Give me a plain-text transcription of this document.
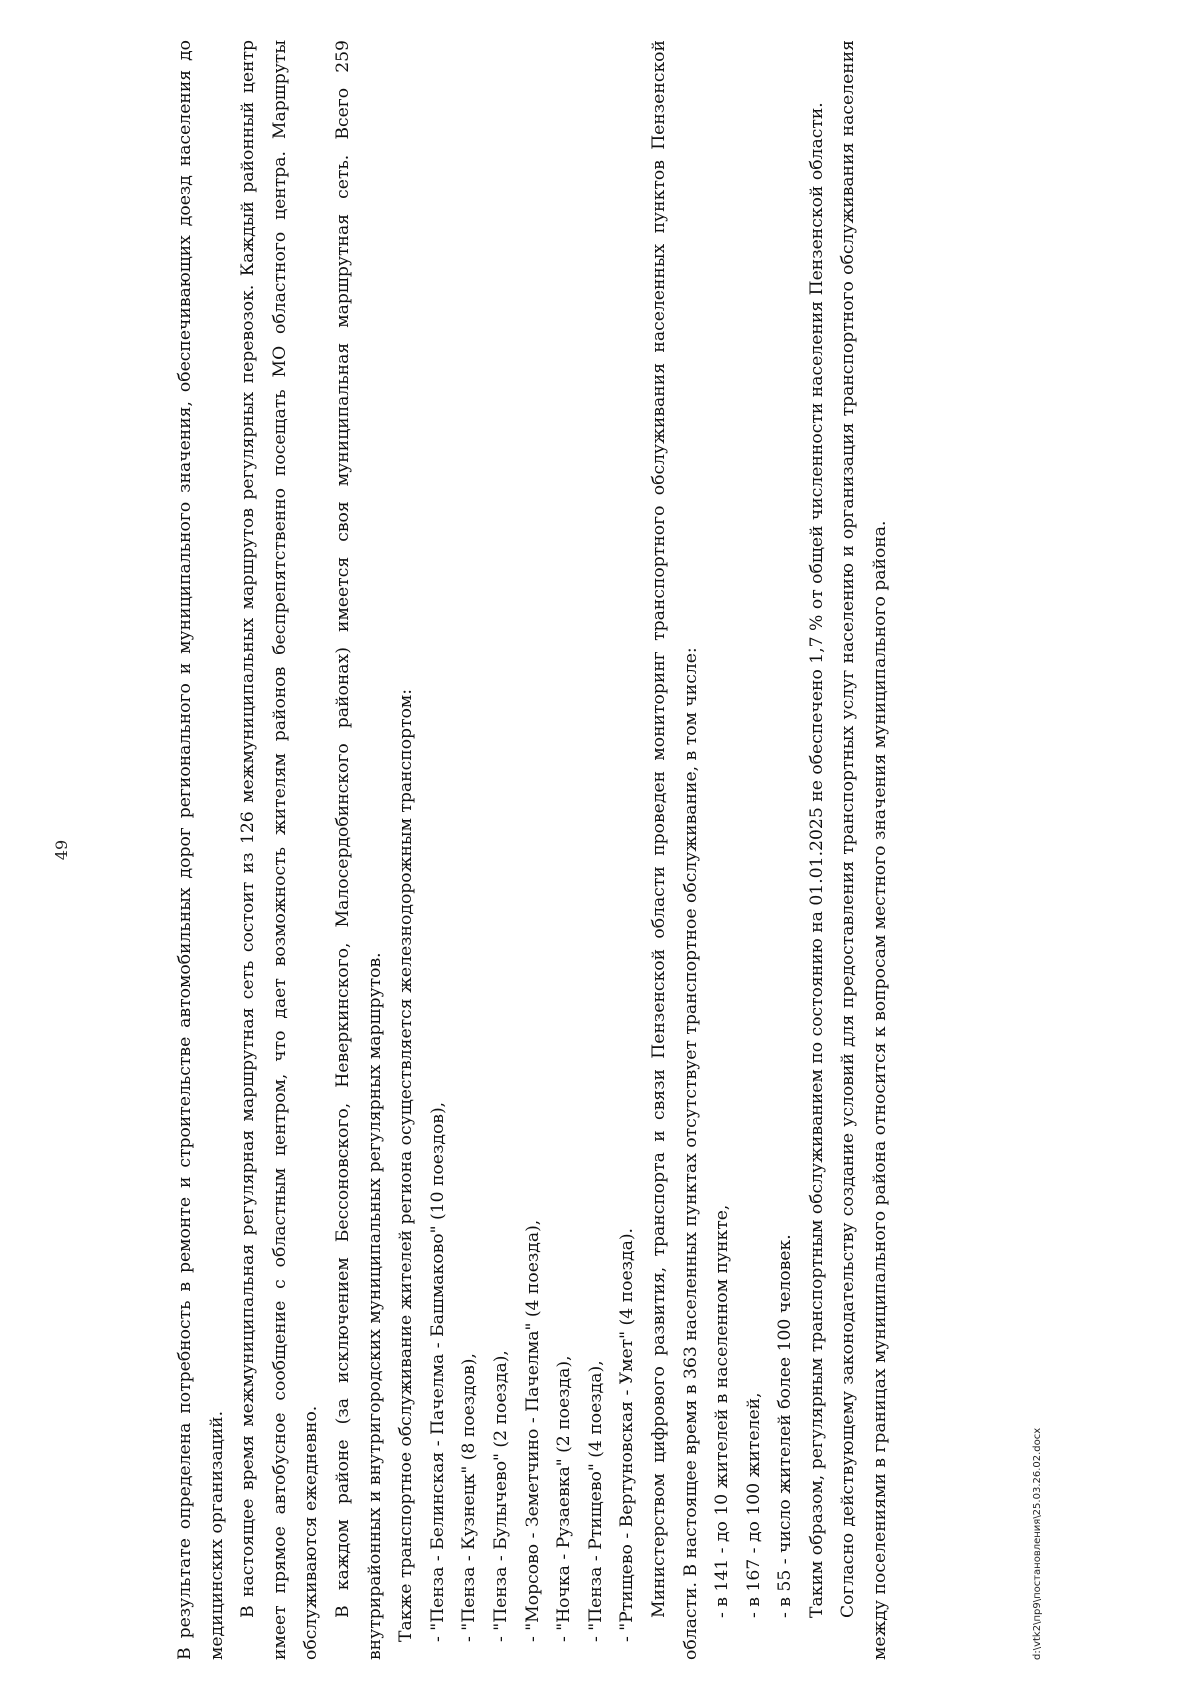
49	В результате определена потребность в ремонте и строительстве автомобильных дорог регионального и муниципального значения, обеспечивающих доезд населения до медицинских организаций. В настоящее время межмуниципальная регулярная маршрутная сеть состоит из 126 межмуниципальных маршрутов регулярных перевозок. Каждый районный центр имеет прямое автобусное сообщение с областным центром, что дает возможность жителям районов беспрепятственно посещать МО областного центра. Маршруты обслуживаются ежедневно. В каждом районе (за исключением Бессоновского, Неверкинского, Малосердобинского районах) имеется своя муниципальная маршрутная сеть. Всего 259 внутрирайонных и внутригородских муниципальных регулярных маршрутов. Также транспортное обслуживание жителей региона осуществляется железнодорожным транспортом: - "Пенза - Белинская - Пачелма - Башмаково" (10 поездов), - "Пенза - Кузнецк" (8 поездов), - "Пенза - Булычево" (2 поезда), - "Морсово - Земетчино - Пачелма" (4 поезда), - "Ночка - Рузаевка" (2 поезда), - "Пенза - Ртищево" (4 поезда), - "Ртищево - Вертуновская - Умет" (4 поезда). Министерством цифрового развития, транспорта и связи Пензенской области проведен мониторинг транспортного обслуживания населенных пунктов Пензенской области. В настоящее время в 363 населенных пунктах отсутствует транспортное обслуживание, в том числе: - в 141 - до 10 жителей в населенном пункте, - в 167 - до 100 жителей, - в 55 - число жителей более 100 человек. Таким образом, регулярным транспортным обслуживанием по состоянию на 01.01.2025 не обеспечено 1,7 % от общей численности населения Пензенской области. Согласно действующему законодательству создание условий для предоставления транспортных услуг населению и организация транспортного обслуживания населения между поселениями в границах муниципального района относится к вопросам местного значения муниципального района.	d:\vtk2\пр9\постановления\25.03.26.02.docx
